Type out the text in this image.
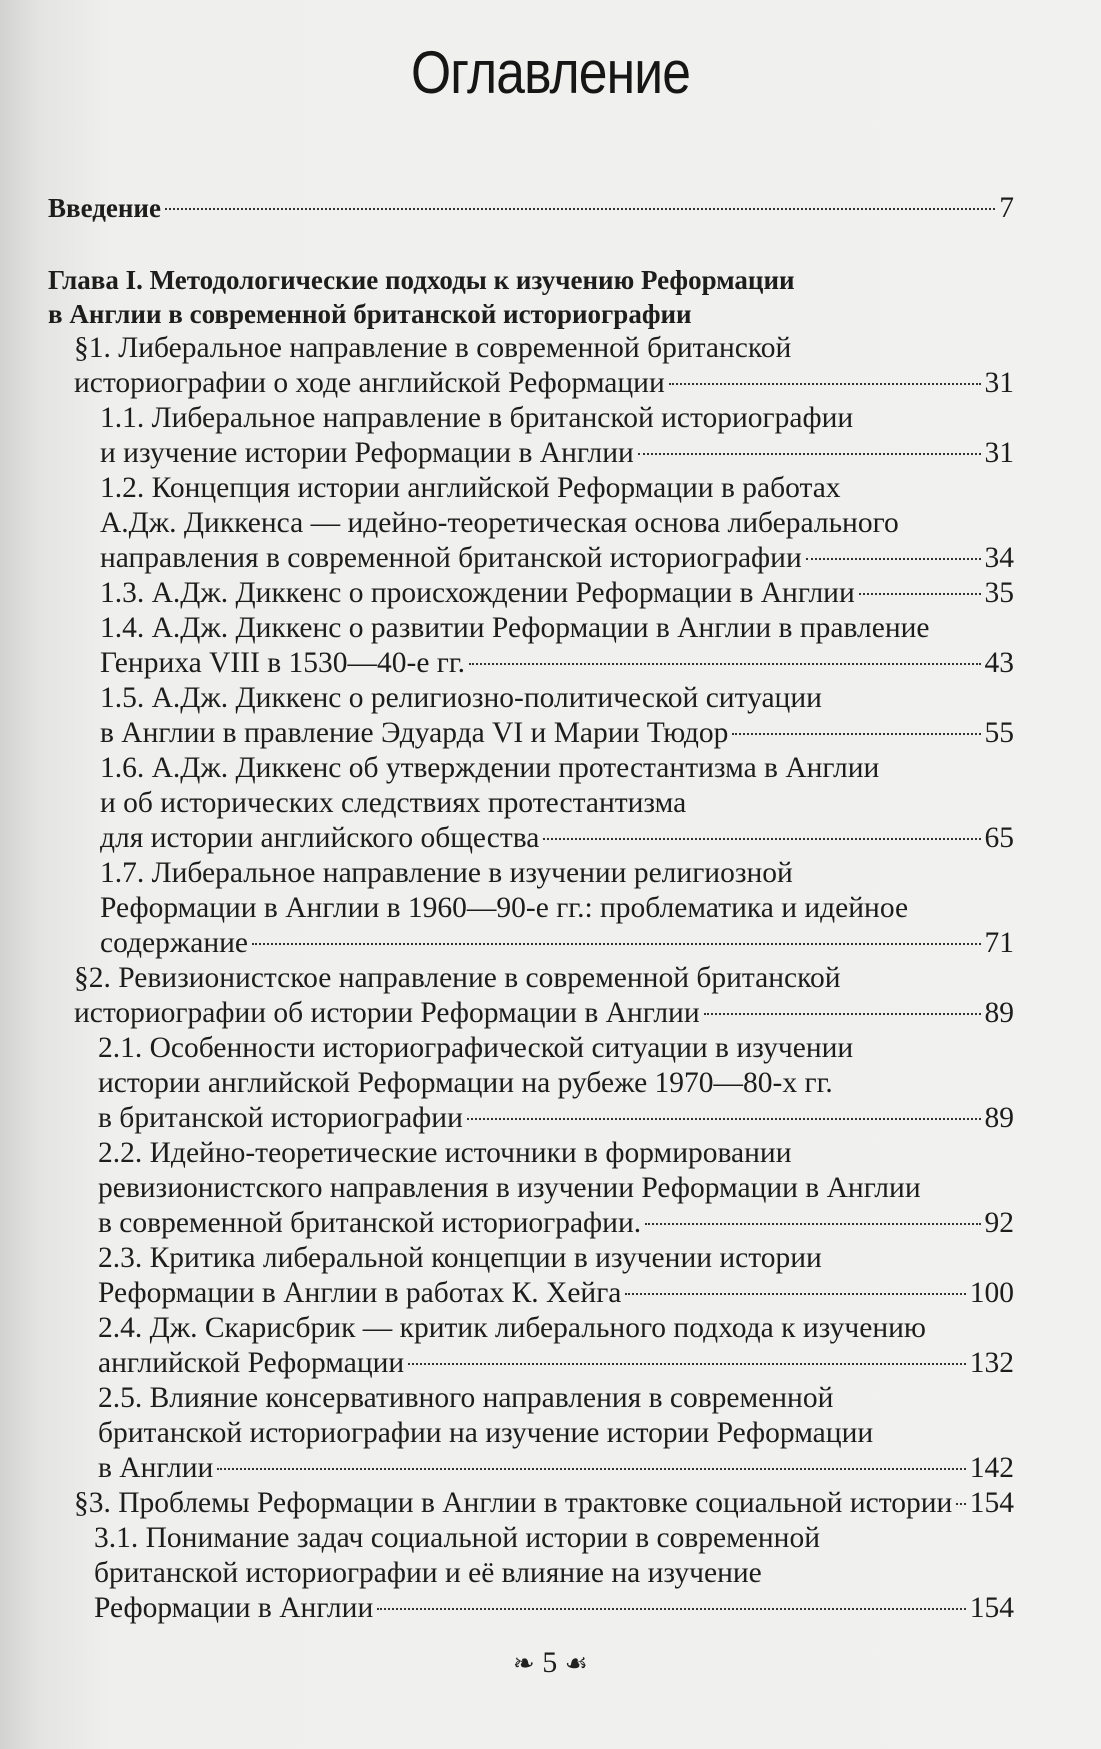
Оглавление
Введение	7
Глава I. Методологические подходы к изучению Реформации
в Англии в современной британской историографии
§1. Либеральное направление в современной британской
историографии о ходе английской Реформации	31
1.1. Либеральное направление в британской историографии
и изучение истории Реформации в Англии	31
1.2. Концепция истории английской Реформации в работах
А.Дж. Диккенса — идейно-теоретическая основа либерального
направления в современной британской историографии	34
1.3. А.Дж. Диккенс о происхождении Реформации в Англии	35
1.4. А.Дж. Диккенс о развитии Реформации в Англии в правление
Генриха VIII в 1530—40-е гг.	43
1.5. А.Дж. Диккенс о религиозно-политической ситуации
в Англии в правление Эдуарда VI и Марии Тюдор	55
1.6. А.Дж. Диккенс об утверждении протестантизма в Англии
и об исторических следствиях протестантизма
для истории английского общества	65
1.7. Либеральное направление в изучении религиозной
Реформации в Англии в 1960—90-е гг.: проблематика и идейное
содержание	71
§2. Ревизионистское направление в современной британской
историографии об истории Реформации в Англии	89
2.1. Особенности историографической ситуации в изучении
истории английской Реформации на рубеже 1970—80-х гг.
в британской историографии	89
2.2. Идейно-теоретические источники в формировании
ревизионистского направления в изучении Реформации в Англии
в современной британской историографии.	92
2.3. Критика либеральной концепции в изучении истории
Реформации в Англии в работах К. Хейга	100
2.4. Дж. Скарисбрик — критик либерального подхода к изучению
английской Реформации	132
2.5. Влияние консервативного направления в современной
британской историографии на изучение истории Реформации
в Англии	142
§3. Проблемы Реформации в Англии в трактовке социальной истории 154
3.1. Понимание задач социальной истории в современной
британской историографии и её влияние на изучение
Реформации в Англии	154
❧ 5 ☙
